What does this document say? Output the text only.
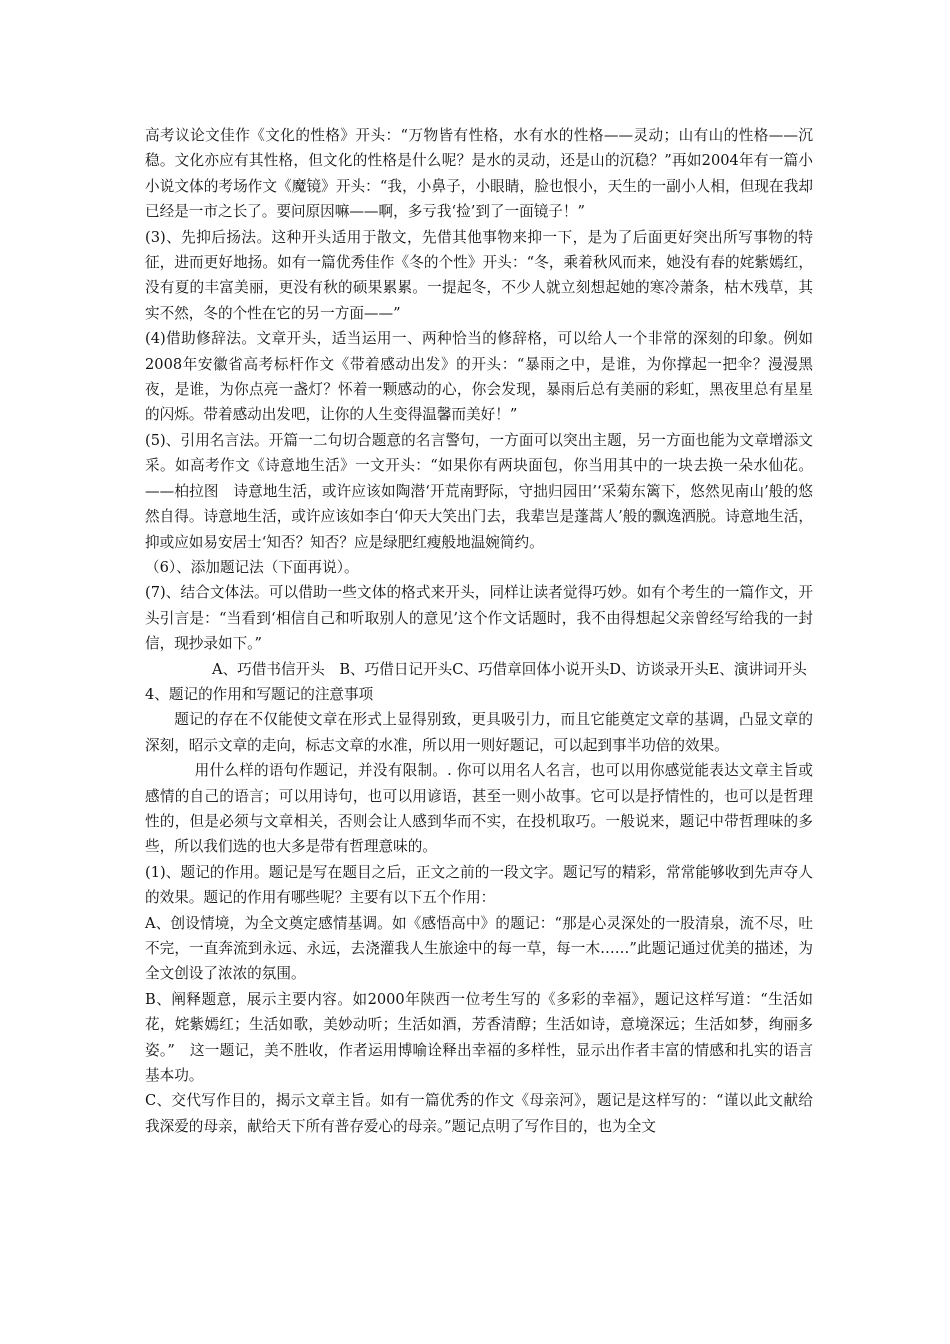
高考议论文佳作《文化的性格》开头：“万物皆有性格，水有水的性格——灵动；山有山的性格——沉稳。文化亦应有其性格，但文化的性格是什么呢？是水的灵动，还是山的沉稳？”再如2004年有一篇小小说文体的考场作文《魔镜》开头：“我，小鼻子，小眼睛，脸也恨小，天生的一副小人相，但现在我却已经是一市之长了。要问原因嘛——啊，多亏我‘捡’到了一面镜子！”

(3)、先抑后扬法。这种开头适用于散文，先借其他事物来抑一下，是为了后面更好突出所写事物的特征，进而更好地扬。如有一篇优秀佳作《冬的个性》开头：“冬，乘着秋风而来，她没有春的姹紫嫣红，没有夏的丰富美丽，更没有秋的硕果累累。一提起冬，不少人就立刻想起她的寒冷萧条，枯木残草，其实不然，冬的个性在它的另一方面——”

(4)借助修辞法。文章开头，适当运用一、两种恰当的修辞格，可以给人一个非常的深刻的印象。例如2008年安徽省高考标杆作文《带着感动出发》的开头：“暴雨之中，是谁，为你撑起一把伞？漫漫黑夜，是谁，为你点亮一盏灯？怀着一颗感动的心，你会发现，暴雨后总有美丽的彩虹，黑夜里总有星星的闪烁。带着感动出发吧，让你的人生变得温馨而美好！”

(5)、引用名言法。开篇一二句切合题意的名言警句，一方面可以突出主题，另一方面也能为文章增添文采。如高考作文《诗意地生活》一文开头：“如果你有两块面包，你当用其中的一块去换一朵水仙花。——柏拉图　诗意地生活，或许应该如陶潜‘开荒南野际，守拙归园田’‘采菊东篱下，悠然见南山’般的悠然自得。诗意地生活，或许应该如李白‘仰天大笑出门去，我辈岂是蓬蒿人’般的飘逸洒脱。诗意地生活，抑或应如易安居士‘知否？知否？应是绿肥红瘦般地温婉简约。

（6）、添加题记法（下面再说）。

(7)、结合文体法。可以借助一些文体的格式来开头，同样让读者觉得巧妙。如有个考生的一篇作文，开头引言是：“当看到‘相信自己和听取别人的意见’这个作文话题时，我不由得想起父亲曾经写给我的一封信，现抄录如下。”

A、巧借书信开头　B、巧借日记开头C、巧借章回体小说开头D、访谈录开头E、演讲词开头

4、题记的作用和写题记的注意事项

题记的存在不仅能使文章在形式上显得别致，更具吸引力，而且它能奠定文章的基调，凸显文章的深刻，昭示文章的走向，标志文章的水准，所以用一则好题记，可以起到事半功倍的效果。

用什么样的语句作题记，并没有限制。. 你可以用名人名言，也可以用你感觉能表达文章主旨或感情的自己的语言；可以用诗句，也可以用谚语，甚至一则小故事。它可以是抒情性的，也可以是哲理性的，但是必须与文章相关，否则会让人感到华而不实，在投机取巧。一般说来，题记中带哲理味的多些，所以我们选的也大多是带有哲理意味的。

(1)、题记的作用。题记是写在题目之后，正文之前的一段文字。题记写的精彩，常常能够收到先声夺人的效果。题记的作用有哪些呢？主要有以下五个作用：

A、创设情境，为全文奠定感情基调。如《感悟高中》的题记：“那是心灵深处的一股清泉，流不尽，吐不完，一直奔流到永远、永远，去浇灌我人生旅途中的每一草，每一木……”此题记通过优美的描述，为全文创设了浓浓的氛围。

B、阐释题意，展示主要内容。如2000年陕西一位考生写的《多彩的幸福》，题记这样写道：“生活如花，姹紫嫣红；生活如歌，美妙动听；生活如酒，芳香清醇；生活如诗，意境深远；生活如梦，绚丽多姿。”　这一题记，美不胜收，作者运用博喻诠释出幸福的多样性，显示出作者丰富的情感和扎实的语言基本功。

C、交代写作目的，揭示文章主旨。如有一篇优秀的作文《母亲河》，题记是这样写的：“谨以此文献给我深爱的母亲，献给天下所有普存爱心的母亲。”题记点明了写作目的，也为全文
